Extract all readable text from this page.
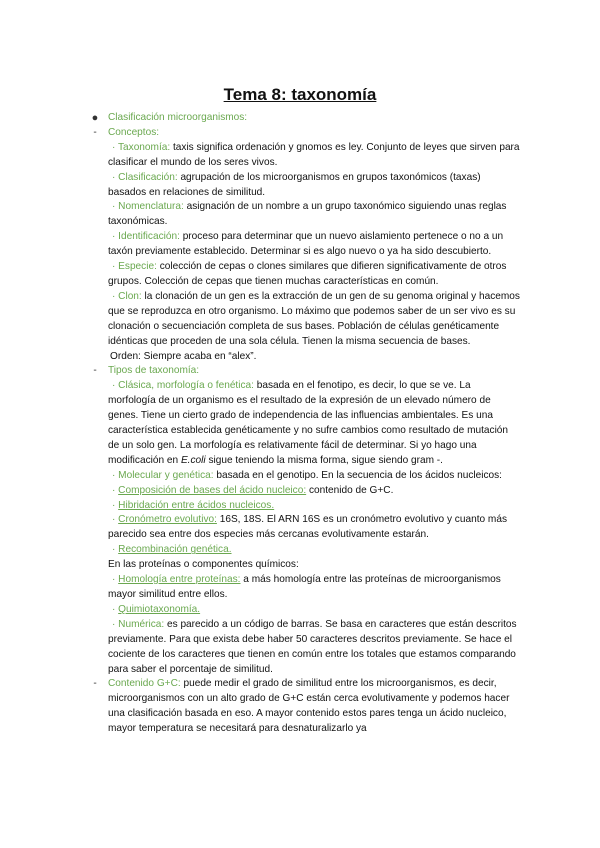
Tema 8: taxonomía
● Clasificación microorganismos:
-	Conceptos:

· Taxonomía: taxis significa ordenación y gnomos es ley. Conjunto de leyes que sirven para clasificar el mundo de los seres vivos.

· Clasificación: agrupación de los microorganismos en grupos taxonómicos (taxas) basados en relaciones de similitud.

· Nomenclatura: asignación de un nombre a un grupo taxonómico siguiendo unas reglas taxonómicas.

· Identificación: proceso para determinar que un nuevo aislamiento pertenece o no a un taxón previamente establecido. Determinar si es algo nuevo o ya ha sido descubierto.

· Especie: colección de cepas o clones similares que difieren significativamente de otros grupos. Colección de cepas que tienen muchas características en común.

· Clon: la clonación de un gen es la extracción de un gen de su genoma original y hacemos que se reproduzca en otro organismo. Lo máximo que podemos saber de un ser vivo es su clonación o secuenciación completa de sus bases. Población de células genéticamente idénticas que proceden de una sola célula. Tienen la misma secuencia de bases.

Orden: Siempre acaba en “alex”.

-	Tipos de taxonomía:

· Clásica, morfología o fenética: basada en el fenotipo, es decir, lo que se ve. La morfología de un organismo es el resultado de la expresión de un elevado número de genes. Tiene un cierto grado de independencia de las influencias ambientales. Es una característica establecida genéticamente y no sufre cambios como resultado de mutación de un solo gen. La morfología es relativamente fácil de determinar. Si yo hago una modificación en E.coli sigue teniendo la misma forma, sigue siendo gram -.

· Molecular y genética: basada en el genotipo. En la secuencia de los ácidos nucleicos:

· Composición de bases del ácido nucleico: contenido de G+C.

· Hibridación entre ácidos nucleicos.

· Cronómetro evolutivo: 16S, 18S. El ARN 16S es un cronómetro evolutivo y cuanto más parecido sea entre dos especies más cercanas evolutivamente estarán.

· Recombinación genética.

En las proteínas o componentes químicos:

· Homología entre proteínas: a más homología entre las proteínas de microorganismos mayor similitud entre ellos.

· Quimiotaxonomía.

· Numérica: es parecido a un código de barras. Se basa en caracteres que están descritos previamente. Para que exista debe haber 50 caracteres descritos previamente. Se hace el cociente de los caracteres que tienen en común entre los totales que estamos comparando para saber el porcentaje de similitud.

-	Contenido G+C: puede medir el grado de similitud entre los microorganismos, es decir, microorganismos con un alto grado de G+C están cerca evolutivamente y podemos hacer una clasificación basada en eso. A mayor contenido estos pares tenga un ácido nucleico, mayor temperatura se necesitará para desnaturalizarlo ya
